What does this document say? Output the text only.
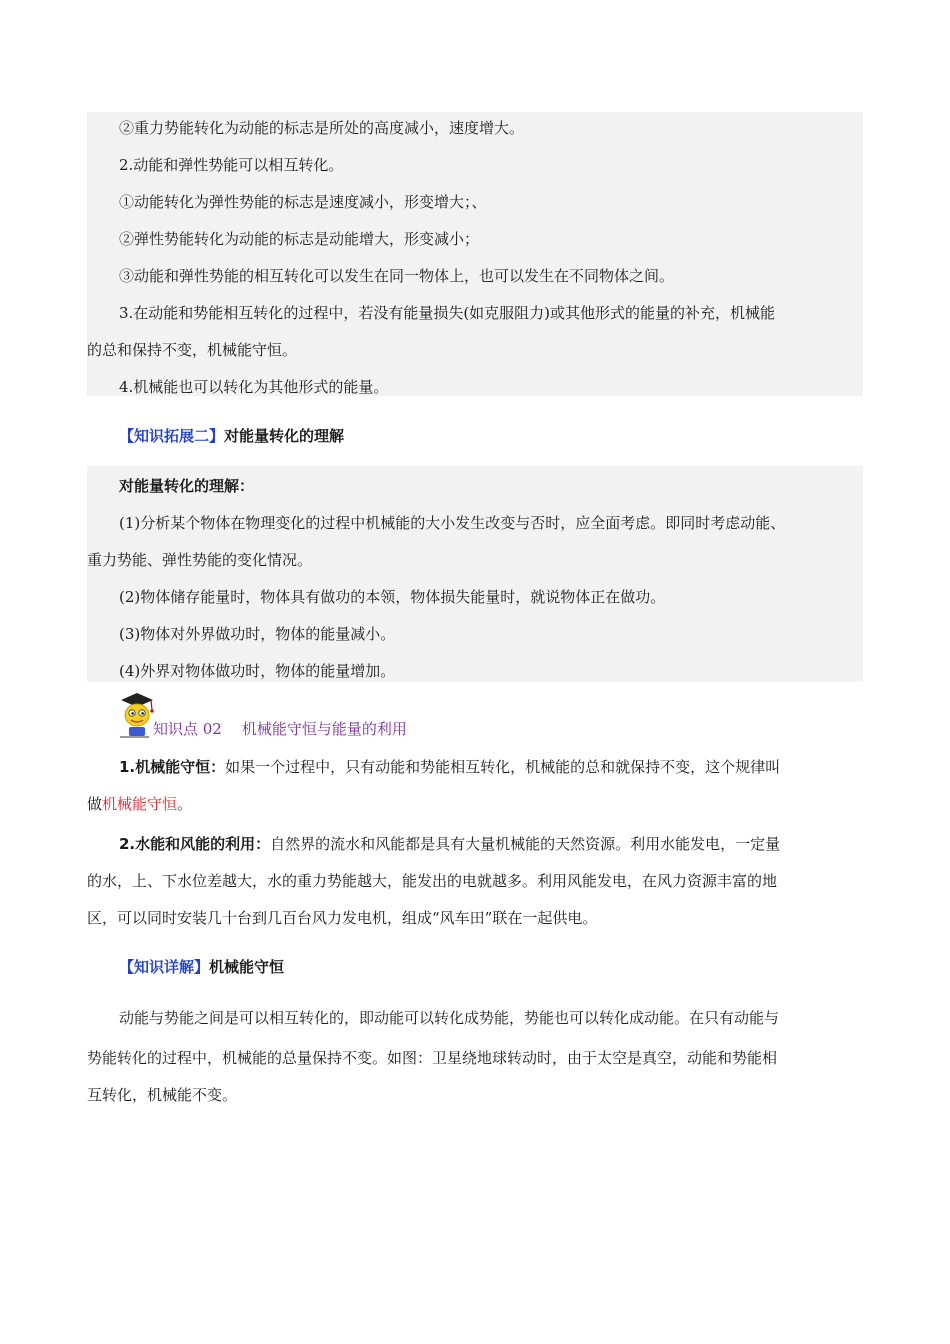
②重力势能转化为动能的标志是所处的高度减小，速度增大。
2.动能和弹性势能可以相互转化。
①动能转化为弹性势能的标志是速度减小，形变增大；、
②弹性势能转化为动能的标志是动能增大，形变减小；
③动能和弹性势能的相互转化可以发生在同一物体上，也可以发生在不同物体之间。
3.在动能和势能相互转化的过程中，若没有能量损失(如克服阻力)或其他形式的能量的补充，机械能
的总和保持不变，机械能守恒。
4.机械能也可以转化为其他形式的能量。
【知识拓展二】对能量转化的理解
对能量转化的理解：
(1)分析某个物体在物理变化的过程中机械能的大小发生改变与否时，应全面考虑。即同时考虑动能、
重力势能、弹性势能的变化情况。
(2)物体储存能量时，物体具有做功的本领，物体损失能量时，就说物体正在做功。
(3)物体对外界做功时，物体的能量减小。
(4)外界对物体做功时，物体的能量增加。
知识点 02 机械能守恒与能量的利用
1.机械能守恒：如果一个过程中，只有动能和势能相互转化，机械能的总和就保持不变，这个规律叫
做机械能守恒。
2.水能和风能的利用：自然界的流水和风能都是具有大量机械能的天然资源。利用水能发电，一定量
的水，上、下水位差越大，水的重力势能越大，能发出的电就越多。利用风能发电，在风力资源丰富的地
区，可以同时安装几十台到几百台风力发电机，组成“风车田”联在一起供电。
【知识详解】机械能守恒
动能与势能之间是可以相互转化的，即动能可以转化成势能，势能也可以转化成动能。在只有动能与
势能转化的过程中，机械能的总量保持不变。如图：卫星绕地球转动时，由于太空是真空，动能和势能相
互转化，机械能不变。
